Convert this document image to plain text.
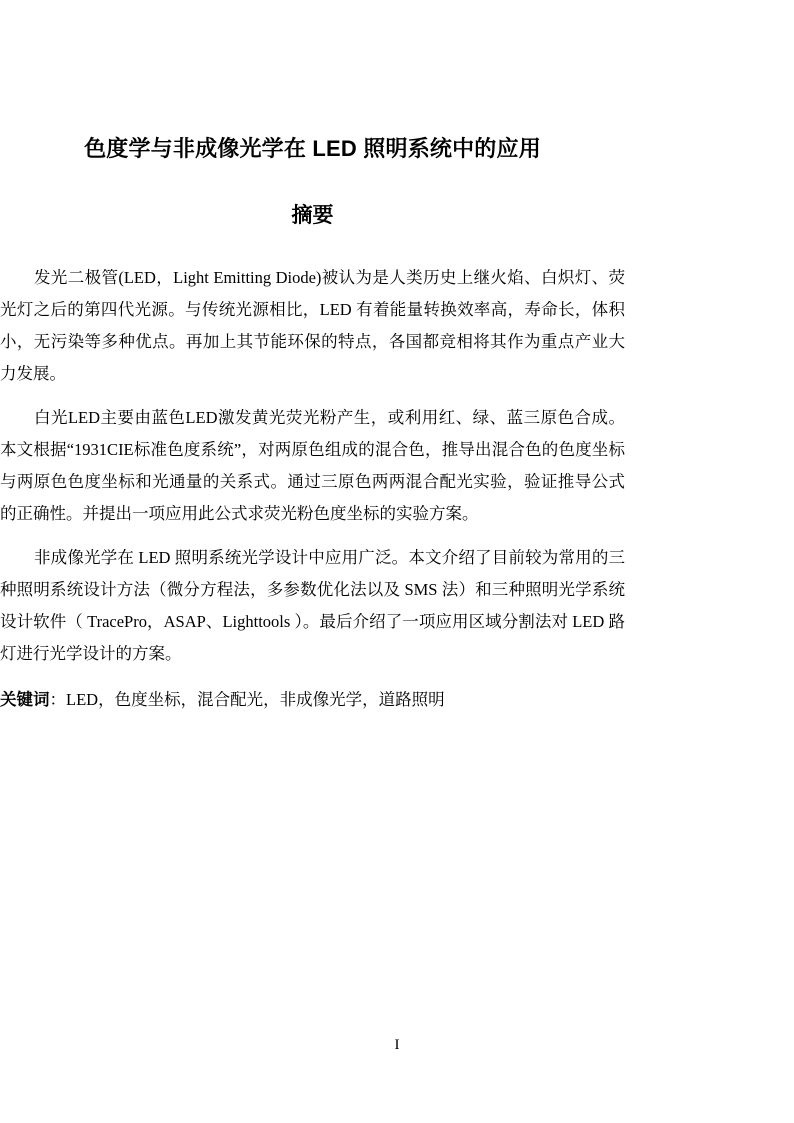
色度学与非成像光学在 LED 照明系统中的应用
摘要

发光二极管(LED，Light Emitting Diode)被认为是人类历史上继火焰、白炽灯、荧光灯之后的第四代光源。与传统光源相比，LED 有着能量转换效率高，寿命长，体积小，无污染等多种优点。再加上其节能环保的特点，各国都竞相将其作为重点产业大力发展。

白光LED主要由蓝色LED激发黄光荧光粉产生，或利用红、绿、蓝三原色合成。本文根据“1931CIE标准色度系统”，对两原色组成的混合色，推导出混合色的色度坐标与两原色色度坐标和光通量的关系式。通过三原色两两混合配光实验，验证推导公式的正确性。并提出一项应用此公式求荧光粉色度坐标的实验方案。

非成像光学在 LED 照明系统光学设计中应用广泛。本文介绍了目前较为常用的三种照明系统设计方法（微分方程法，多参数优化法以及 SMS 法）和三种照明光学系统设计软件（ TracePro，ASAP、Lighttools ）。最后介绍了一项应用区域分割法对 LED 路灯进行光学设计的方案。

关键词：LED，色度坐标，混合配光，非成像光学，道路照明

I
